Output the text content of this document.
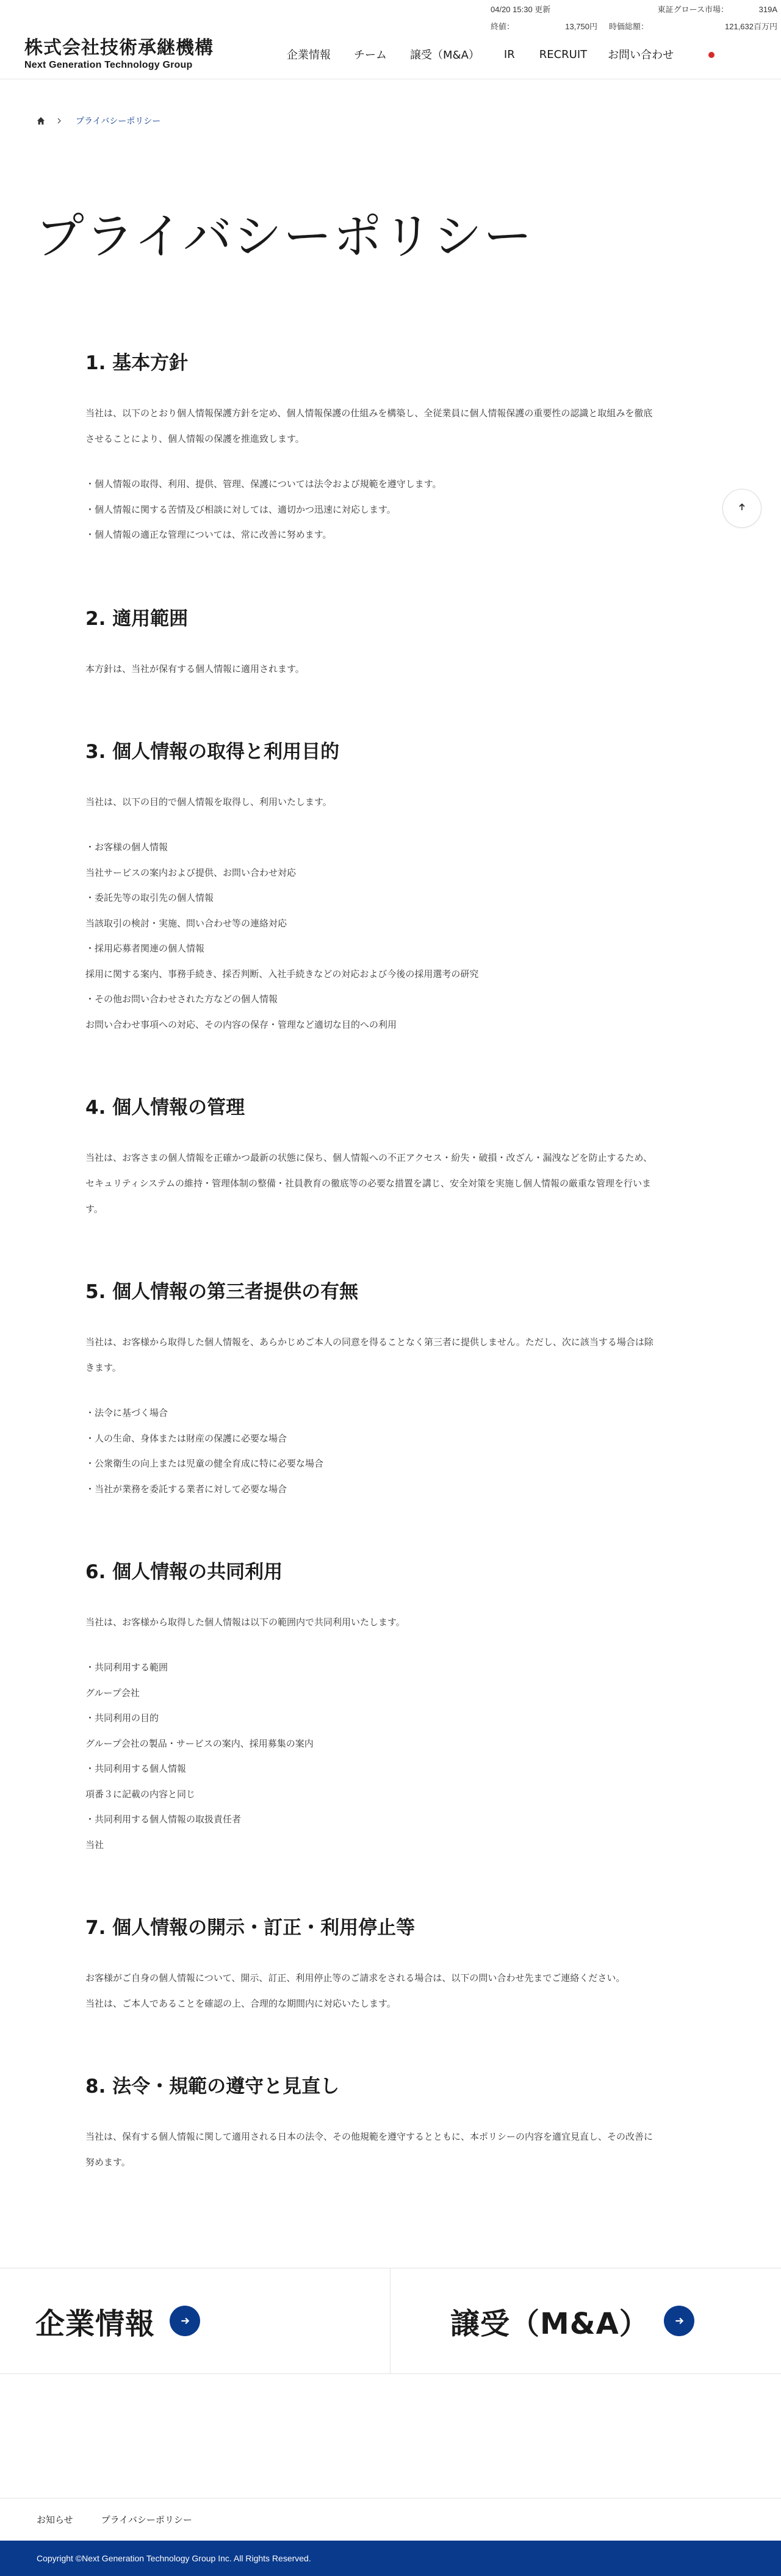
株式会社技術承継機構
Next Generation Technology Group
04/20 15:30 更新	東証グロース市場：	319A
終値：	13,750円	時価総額：	121,632百万円
企業情報 チーム 譲受（M&A） IR RECRUIT お問い合わせ
プライバシーポリシー
プライバシーポリシー
1. 基本方針

当社は、以下のとおり個人情報保護方針を定め、個人情報保護の仕組みを構築し、全従業員に個人情報保護の重要性の認識と取組みを徹底

させることにより、個人情報の保護を推進致します。

・個人情報の取得、利用、提供、管理、保護については法令および規範を遵守します。

・個人情報に関する苦情及び相談に対しては、適切かつ迅速に対応します。

・個人情報の適正な管理については、常に改善に努めます。

2. 適用範囲

本方針は、当社が保有する個人情報に適用されます。

3. 個人情報の取得と利用目的

当社は、以下の目的で個人情報を取得し、利用いたします。

・お客様の個人情報

当社サービスの案内および提供、お問い合わせ対応

・委託先等の取引先の個人情報

当該取引の検討・実施、問い合わせ等の連絡対応

・採用応募者関連の個人情報

採用に関する案内、事務手続き、採否判断、入社手続きなどの対応および今後の採用選考の研究

・その他お問い合わせされた方などの個人情報

お問い合わせ事項への対応、その内容の保存・管理など適切な目的への利用

4. 個人情報の管理

当社は、お客さまの個人情報を正確かつ最新の状態に保ち、個人情報への不正アクセス・紛失・破損・改ざん・漏洩などを防止するため、

セキュリティシステムの維持・管理体制の整備・社員教育の徹底等の必要な措置を講じ、安全対策を実施し個人情報の厳重な管理を行いま

す。

5. 個人情報の第三者提供の有無

当社は、お客様から取得した個人情報を、あらかじめご本人の同意を得ることなく第三者に提供しません。ただし、次に該当する場合は除

きます。

・法令に基づく場合

・人の生命、身体または財産の保護に必要な場合

・公衆衛生の向上または児童の健全育成に特に必要な場合

・当社が業務を委託する業者に対して必要な場合

6. 個人情報の共同利用

当社は、お客様から取得した個人情報は以下の範囲内で共同利用いたします。

・共同利用する範囲

グループ会社

・共同利用の目的

グループ会社の製品・サービスの案内、採用募集の案内

・共同利用する個人情報

項番３に記載の内容と同じ

・共同利用する個人情報の取扱責任者

当社

7. 個人情報の開示・訂正・利用停止等

お客様がご自身の個人情報について、開示、訂正、利用停止等のご請求をされる場合は、以下の問い合わせ先までご連絡ください。

当社は、ご本人であることを確認の上、合理的な期間内に対応いたします。

8. 法令・規範の遵守と見直し

当社は、保有する個人情報に関して適用される日本の法令、その他規範を遵守するとともに、本ポリシーの内容を適宜見直し、その改善に

努めます。

企業情報	譲受（M&A）
お知らせ	プライバシーポリシー
Copyright ©Next Generation Technology Group Inc. All Rights Reserved.
